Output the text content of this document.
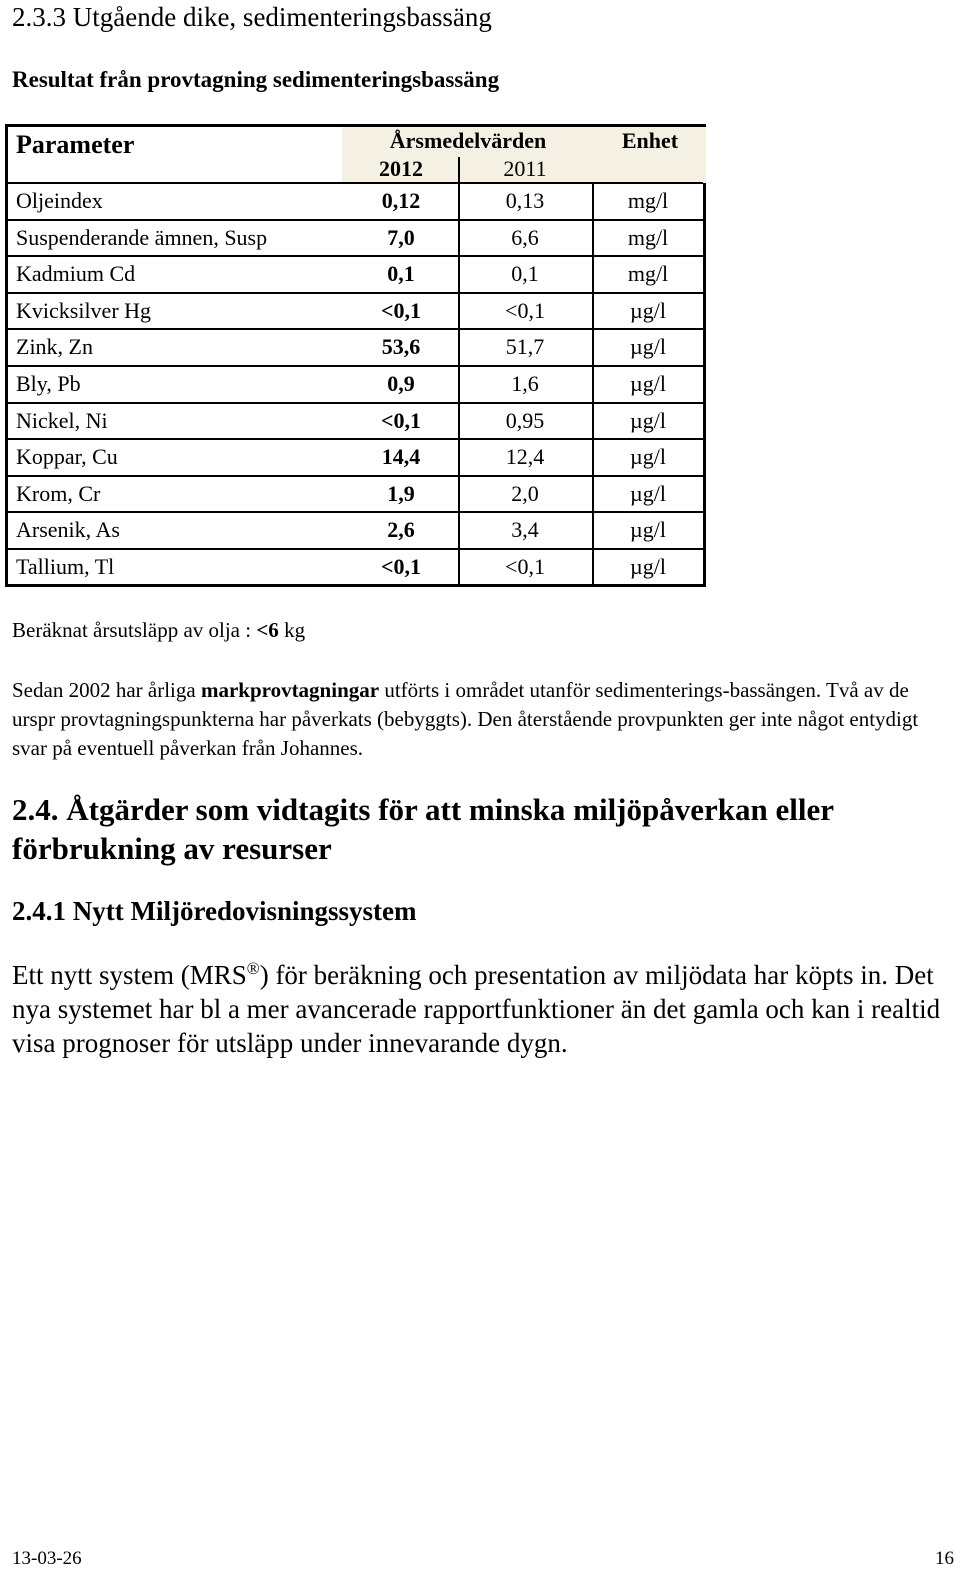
2.3.3 Utgående dike, sedimenteringsbassäng
Resultat från provtagning sedimenteringsbassäng
Parameter	Årsmedelvärden	Enhet
2012	2011
Oljeindex	0,12	0,13	mg/l
Suspenderande ämnen, Susp	7,0	6,6	mg/l
Kadmium Cd	0,1	0,1	mg/l
Kvicksilver Hg	<0,1	<0,1	µg/l
Zink, Zn	53,6	51,7	µg/l
Bly, Pb	0,9	1,6	µg/l
Nickel, Ni	<0,1	0,95	µg/l
Koppar, Cu	14,4	12,4	µg/l
Krom, Cr	1,9	2,0	µg/l
Arsenik, As	2,6	3,4	µg/l
Tallium, Tl	<0,1	<0,1	µg/l
Beräknat årsutsläpp av olja : <6 kg
Sedan 2002 har årliga markprovtagningar utförts i området utanför sedimenterings-bassängen. Två av de urspr provtagningspunkterna har påverkats (bebyggts). Den återstående provpunkten ger inte något entydigt svar på eventuell påverkan från Johannes.
2.4. Åtgärder som vidtagits för att minska miljöpåverkan eller förbrukning av resurser
2.4.1 Nytt Miljöredovisningssystem
Ett nytt system (MRS®) för beräkning och presentation av miljödata har köpts in. Det nya systemet har bl a mer avancerade rapportfunktioner än det gamla och kan i realtid visa prognoser för utsläpp under innevarande dygn.
13-03-26	16
